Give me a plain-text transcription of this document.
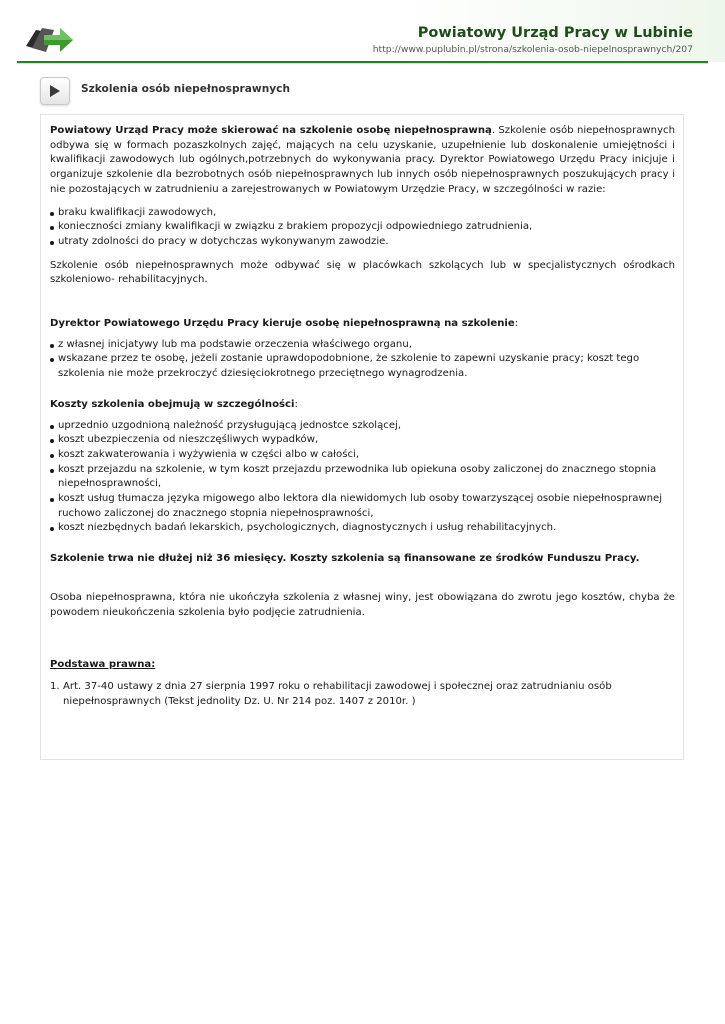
Powiatowy Urząd Pracy w Lubinie
http://www.puplubin.pl/strona/szkolenia-osob-niepelnosprawnych/207
Szkolenia osób niepełnosprawnych

Powiatowy Urząd Pracy może skierować na szkolenie osobę niepełnosprawną. Szkolenie osób niepełnosprawnych odbywa się w formach pozaszkolnych zajęć, mających na celu uzyskanie, uzupełnienie lub doskonalenie umiejętności i kwalifikacji zawodowych lub ogólnych,potrzebnych do wykonywania pracy. Dyrektor Powiatowego Urzędu Pracy inicjuje i organizuje szkolenie dla bezrobotnych osób niepełnosprawnych lub innych osób niepełnosprawnych poszukujących pracy i nie pozostających w zatrudnieniu a zarejestrowanych w Powiatowym Urzędzie Pracy, w szczególności w razie:

braku kwalifikacji zawodowych,
konieczności zmiany kwalifikacji w związku z brakiem propozycji odpowiedniego zatrudnienia,
utraty zdolności do pracy w dotychczas wykonywanym zawodzie.

Szkolenie osób niepełnosprawnych może odbywać się w placówkach szkolących lub w specjalistycznych ośrodkach szkoleniowo- rehabilitacyjnych.

Dyrektor Powiatowego Urzędu Pracy kieruje osobę niepełnosprawną na szkolenie:

z własnej inicjatywy lub ma podstawie orzeczenia właściwego organu,
wskazane przez te osobę, jeżeli zostanie uprawdopodobnione, że szkolenie to zapewni uzyskanie pracy; koszt tego szkolenia nie może przekroczyć dziesięciokrotnego przeciętnego wynagrodzenia.

Koszty szkolenia obejmują w szczególności:

uprzednio uzgodnioną należność przysługującą jednostce szkolącej,
koszt ubezpieczenia od nieszczęśliwych wypadków,
koszt zakwaterowania i wyżywienia w części albo w całości,
koszt przejazdu na szkolenie, w tym koszt przejazdu przewodnika lub opiekuna osoby zaliczonej do znacznego stopnia niepełnosprawności,
koszt usług tłumacza języka migowego albo lektora dla niewidomych lub osoby towarzyszącej osobie niepełnosprawnej ruchowo zaliczonej do znacznego stopnia niepełnosprawności,
koszt niezbędnych badań lekarskich, psychologicznych, diagnostycznych i usług rehabilitacyjnych.

Szkolenie trwa nie dłużej niż 36 miesięcy. Koszty szkolenia są finansowane ze środków Funduszu Pracy.

Osoba niepełnosprawna, która nie ukończyła szkolenia z własnej winy, jest obowiązana do zwrotu jego kosztów, chyba że powodem nieukończenia szkolenia było podjęcie zatrudnienia.

Podstawa prawna:

1. Art. 37-40 ustawy z dnia 27 sierpnia 1997 roku o rehabilitacji zawodowej i społecznej oraz zatrudnianiu osób niepełnosprawnych (Tekst jednolity Dz. U. Nr 214 poz. 1407 z 2010r. )
